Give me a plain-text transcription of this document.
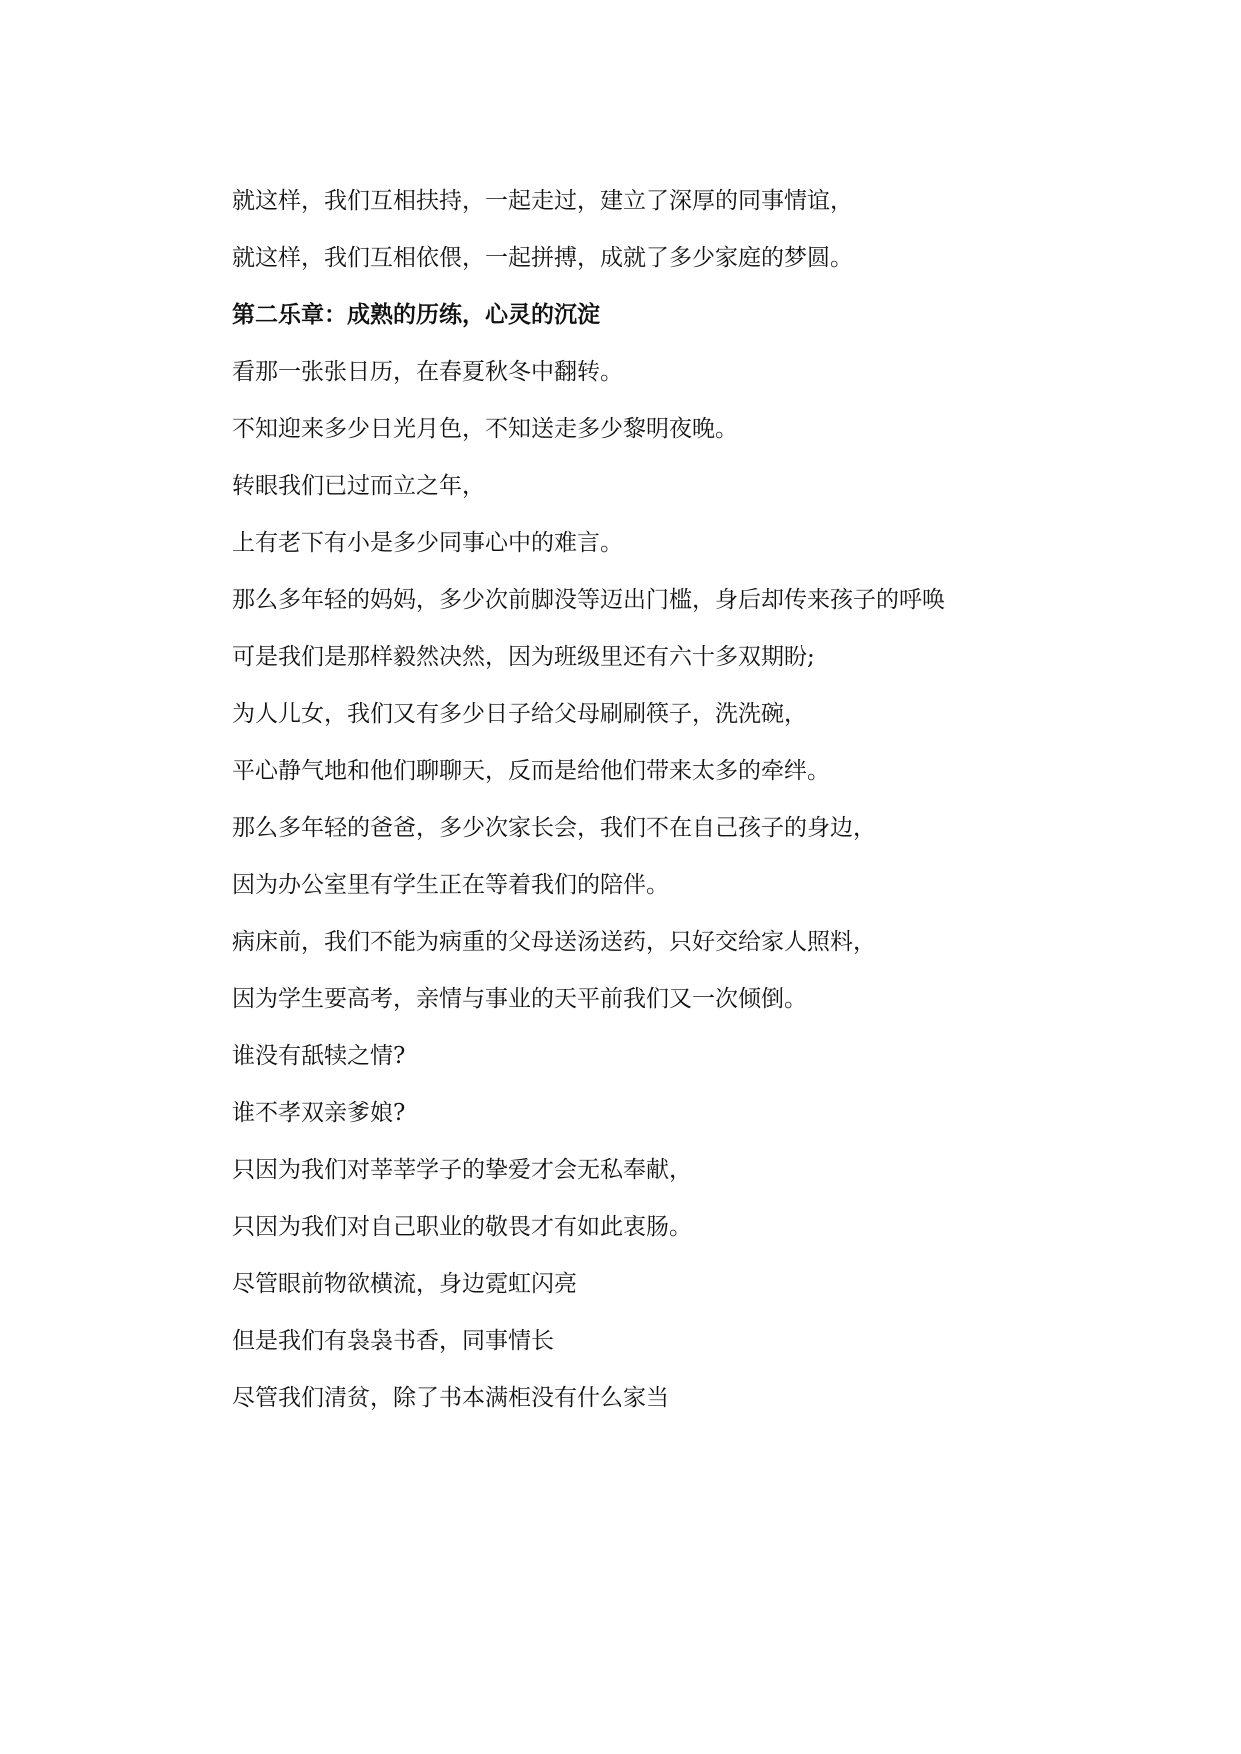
就这样，我们互相扶持，一起走过，建立了深厚的同事情谊，

就这样，我们互相依偎，一起拼搏，成就了多少家庭的梦圆。

第二乐章：成熟的历练，心灵的沉淀

看那一张张日历，在春夏秋冬中翻转。

不知迎来多少日光月色，不知送走多少黎明夜晚。

转眼我们已过而立之年，

上有老下有小是多少同事心中的难言。

那么多年轻的妈妈，多少次前脚没等迈出门槛，身后却传来孩子的呼唤

可是我们是那样毅然决然，因为班级里还有六十多双期盼;

为人儿女，我们又有多少日子给父母刷刷筷子，洗洗碗，

平心静气地和他们聊聊天，反而是给他们带来太多的牵绊。

那么多年轻的爸爸，多少次家长会，我们不在自己孩子的身边，

因为办公室里有学生正在等着我们的陪伴。

病床前，我们不能为病重的父母送汤送药，只好交给家人照料，

因为学生要高考，亲情与事业的天平前我们又一次倾倒。

谁没有舐犊之情?

谁不孝双亲爹娘?

只因为我们对莘莘学子的挚爱才会无私奉献，

只因为我们对自己职业的敬畏才有如此衷肠。

尽管眼前物欲横流，身边霓虹闪亮

但是我们有袅袅书香，同事情长

尽管我们清贫，除了书本满柜没有什么家当
